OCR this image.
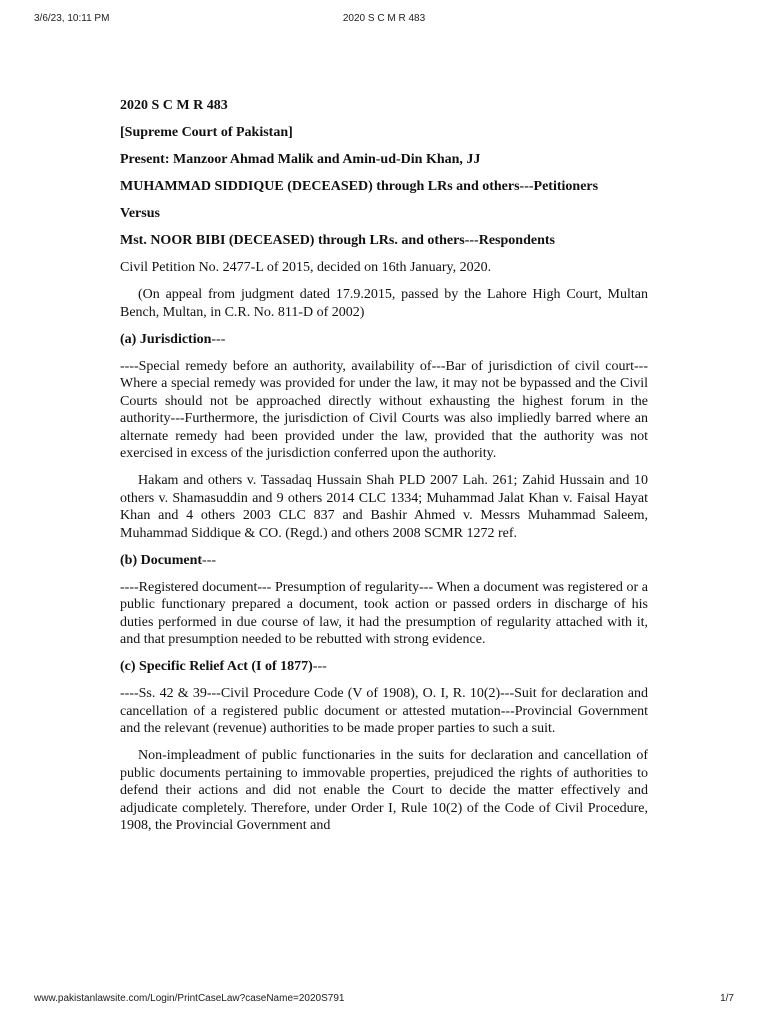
3/6/23, 10:11 PM	2020 S C M R 483

2020 S C M R 483

[Supreme Court of Pakistan]

Present: Manzoor Ahmad Malik and Amin-ud-Din Khan, JJ

MUHAMMAD SIDDIQUE (DECEASED) through LRs and others---Petitioners

Versus

Mst. NOOR BIBI (DECEASED) through LRs. and others---Respondents

Civil Petition No. 2477-L of 2015, decided on 16th January, 2020.

(On appeal from judgment dated 17.9.2015, passed by the Lahore High Court, Multan Bench, Multan, in C.R. No. 811-D of 2002)

(a) Jurisdiction---

----Special remedy before an authority, availability of---Bar of jurisdiction of civil court---Where a special remedy was provided for under the law, it may not be bypassed and the Civil Courts should not be approached directly without exhausting the highest forum in the authority---Furthermore, the jurisdiction of Civil Courts was also impliedly barred where an alternate remedy had been provided under the law, provided that the authority was not exercised in excess of the jurisdiction conferred upon the authority.

Hakam and others v. Tassadaq Hussain Shah PLD 2007 Lah. 261; Zahid Hussain and 10 others v. Shamasuddin and 9 others 2014 CLC 1334; Muhammad Jalat Khan v. Faisal Hayat Khan and 4 others 2003 CLC 837 and Bashir Ahmed v. Messrs Muhammad Saleem, Muhammad Siddique & CO. (Regd.) and others 2008 SCMR 1272 ref.

(b) Document---

----Registered document--- Presumption of regularity--- When a document was registered or a public functionary prepared a document, took action or passed orders in discharge of his duties performed in due course of law, it had the presumption of regularity attached with it, and that presumption needed to be rebutted with strong evidence.

(c) Specific Relief Act (I of 1877)---

----Ss. 42 & 39---Civil Procedure Code (V of 1908), O. I, R. 10(2)---Suit for declaration and cancellation of a registered public document or attested mutation---Provincial Government and the relevant (revenue) authorities to be made proper parties to such a suit.

Non-impleadment of public functionaries in the suits for declaration and cancellation of public documents pertaining to immovable properties, prejudiced the rights of authorities to defend their actions and did not enable the Court to decide the matter effectively and adjudicate completely. Therefore, under Order I, Rule 10(2) of the Code of Civil Procedure, 1908, the Provincial Government and

www.pakistanlawsite.com/Login/PrintCaseLaw?caseName=2020S791	1/7
